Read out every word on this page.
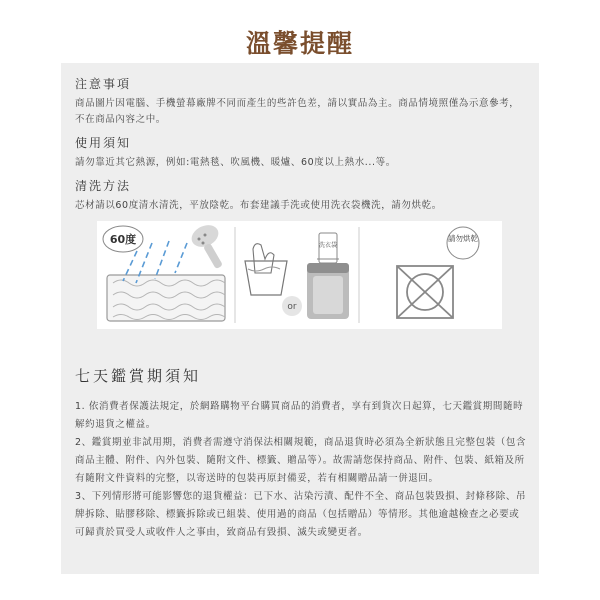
溫馨提醒

注意事項

商品圖片因電腦、手機螢幕廠牌不同而產生的些許色差，請以實品為主。商品情境照僅為示意參考，不在商品內容之中。

使用須知

請勿靠近其它熱源，例如:電熱毯、吹風機、暖爐、60度以上熱水...等。

清洗方法

芯材請以60度清水清洗，平放陰乾。布套建議手洗或使用洗衣袋機洗，請勿烘乾。

60度
or
洗衣袋
請勿烘乾

七天鑑賞期須知

1. 依消費者保護法規定，於網路購物平台購買商品的消費者，享有到貨次日起算，七天鑑賞期間隨時解約退貨之權益。

2、鑑賞期並非試用期，消費者需遵守消保法相關規範，商品退貨時必須為全新狀態且完整包裝（包含商品主體、附件、內外包裝、隨附文件、標籤、贈品等）。故需請您保持商品、附件、包裝、紙箱及所有隨附文件資料的完整，以寄送時的包裝再原封備妥，若有相關贈品請一併退回。

3、下列情形將可能影響您的退貨權益：已下水、沾染污漬、配件不全、商品包裝毀損、封條移除、吊牌拆除、貼膠移除、標籤拆除或已組裝、使用過的商品（包括贈品）等情形。其他逾越檢查之必要或可歸責於買受人或收件人之事由，致商品有毀損、滅失或變更者。
